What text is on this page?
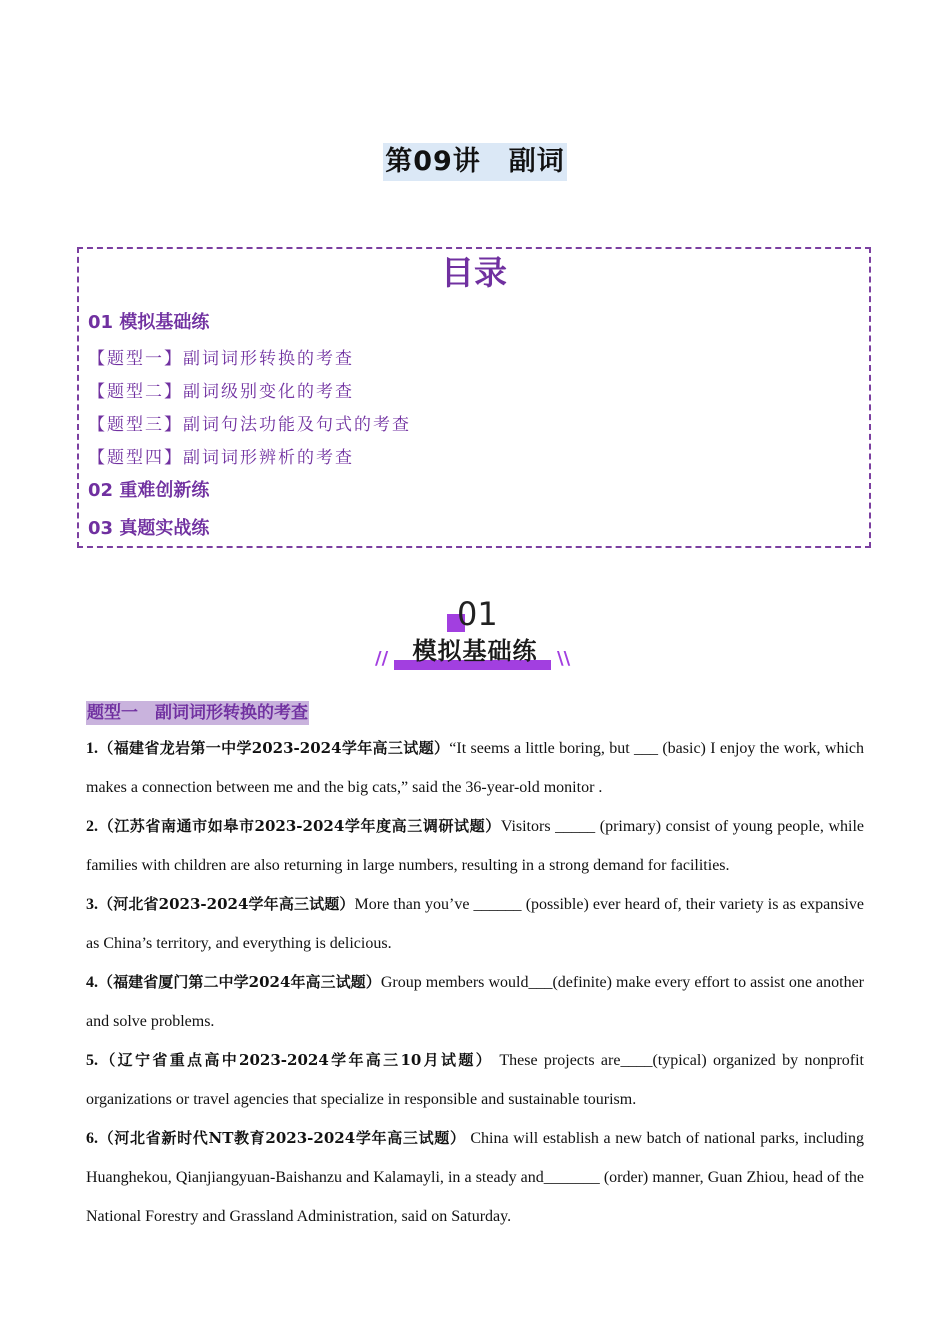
第09讲　副词
目录
01 模拟基础练
【题型一】副词词形转换的考查
【题型二】副词级别变化的考查
【题型三】副词句法功能及句式的考查
【题型四】副词词形辨析的考查
02 重难创新练
03 真题实战练
01
模拟基础练
//	\\
题型一　副词词形转换的考查

1.（福建省龙岩第一中学2023-2024学年高三试题）“It seems a little boring, but ___ (basic) I enjoy the work, which makes a connection between me and the big cats,” said the 36-year-old monitor .

2.（江苏省南通市如皋市2023-2024学年度高三调研试题）Visitors _____ (primary) consist of young people, while families with children are also returning in large numbers, resulting in a strong demand for facilities.

3.（河北省2023-2024学年高三试题）More than you’ve ______ (possible) ever heard of, their variety is as expansive as China’s territory, and everything is delicious.

4.（福建省厦门第二中学2024年高三试题）Group members would___(definite) make every effort to assist one another and solve problems.

5.（辽宁省重点高中2023-2024学年高三10月试题） These projects are____(typical) organized by nonprofit organizations or travel agencies that specialize in responsible and sustainable tourism.

6.（河北省新时代NT教育2023-2024学年高三试题） China will establish a new batch of national parks, including Huanghekou, Qianjiangyuan-Baishanzu and Kalamayli, in a steady and_______ (order) manner, Guan Zhiou, head of the National Forestry and Grassland Administration, said on Saturday.
